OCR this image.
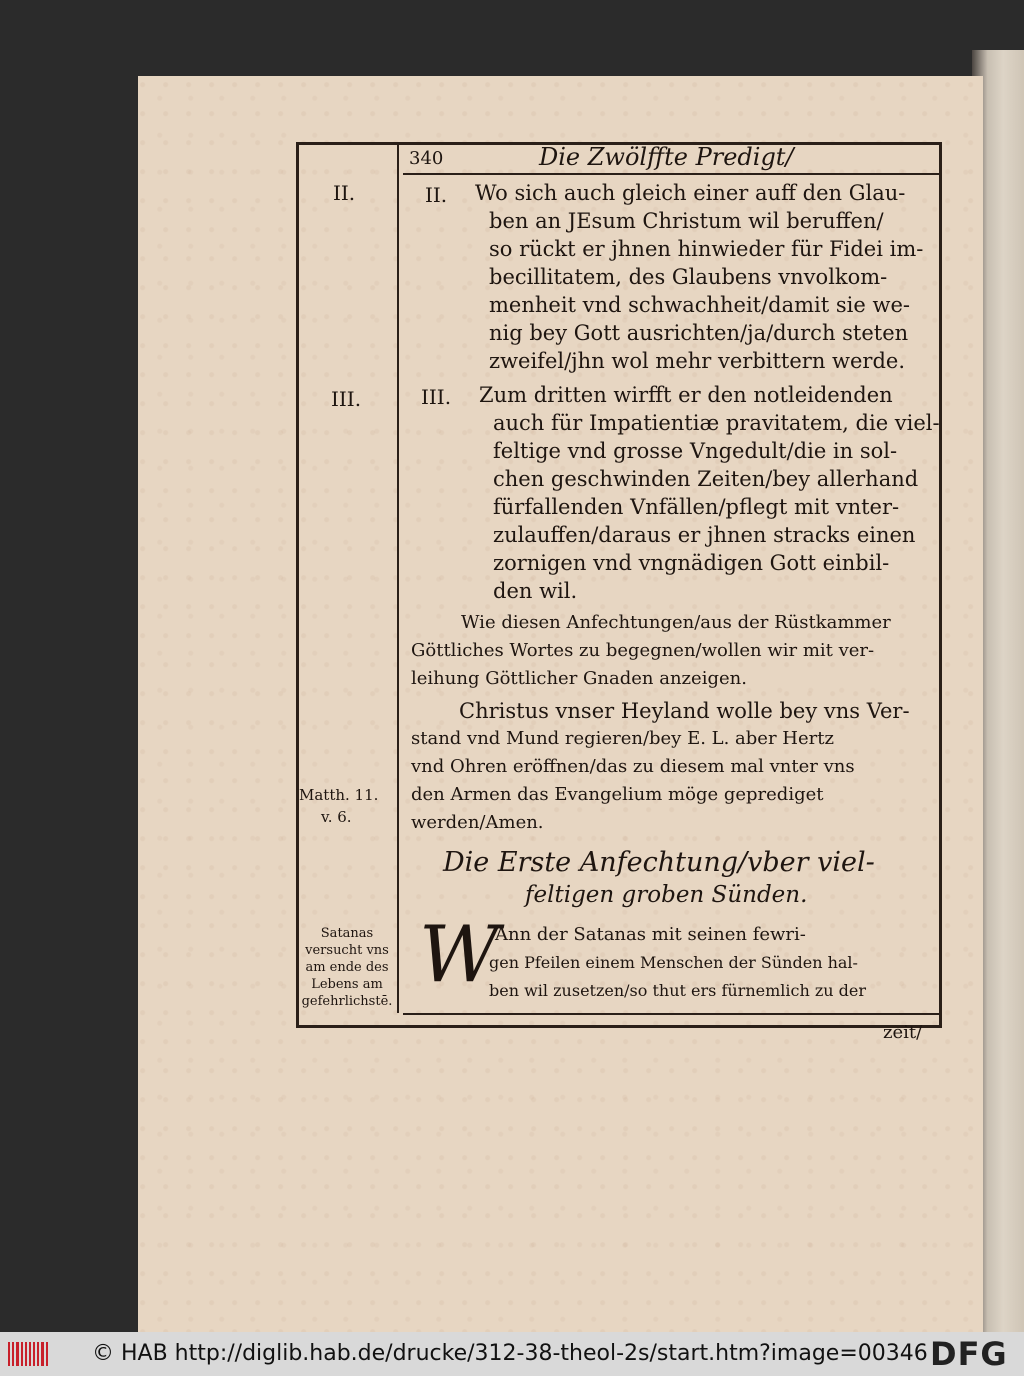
340	Die Zwölffte Predigt/
II.	II. Wo sich auch gleich einer auff den Glau-
ben an JEsum Christum wil beruffen/
so rückt er jhnen hinwieder für Fidei im-
becillitatem, des Glaubens vnvolkom-
menheit vnd schwachheit/damit sie we-
nig bey Gott ausrichten/ja/durch steten
zweifel/jhn wol mehr verbittern werde.
III.	III. Zum dritten wirfft er den notleidenden
auch für Impatientiæ pravitatem, die viel-
feltige vnd grosse Vngedult/die in sol-
chen geschwinden Zeiten/bey allerhand
fürfallenden Vnfällen/pflegt mit vnter-
zulauffen/daraus er jhnen stracks einen
zornigen vnd vngnädigen Gott einbil-
den wil.
Wie diesen Anfechtungen/aus der Rüstkammer
Göttliches Wortes zu begegnen/wollen wir mit ver-
leihung Göttlicher Gnaden anzeigen.
Christus vnser Heyland wolle bey vns Ver-
stand vnd Mund regieren/bey E. L. aber Hertz
vnd Ohren eröffnen/das zu diesem mal vnter vns
den Armen das Evangelium möge geprediget
werden/Amen.
Matth. 11.
v. 6.
Die Erste Anfechtung/vber viel-
feltigen groben Sünden.
W
Ann der Satanas mit seinen fewri-
gen Pfeilen einem Menschen der Sünden hal-
ben wil zusetzen/so thut ers fürnemlich zu der
Satanas
versucht vns
am ende des
Lebens am
gefehrlichstē.
zeit/
© HAB http://diglib.hab.de/drucke/312-38-theol-2s/start.htm?image=00346 DFG
